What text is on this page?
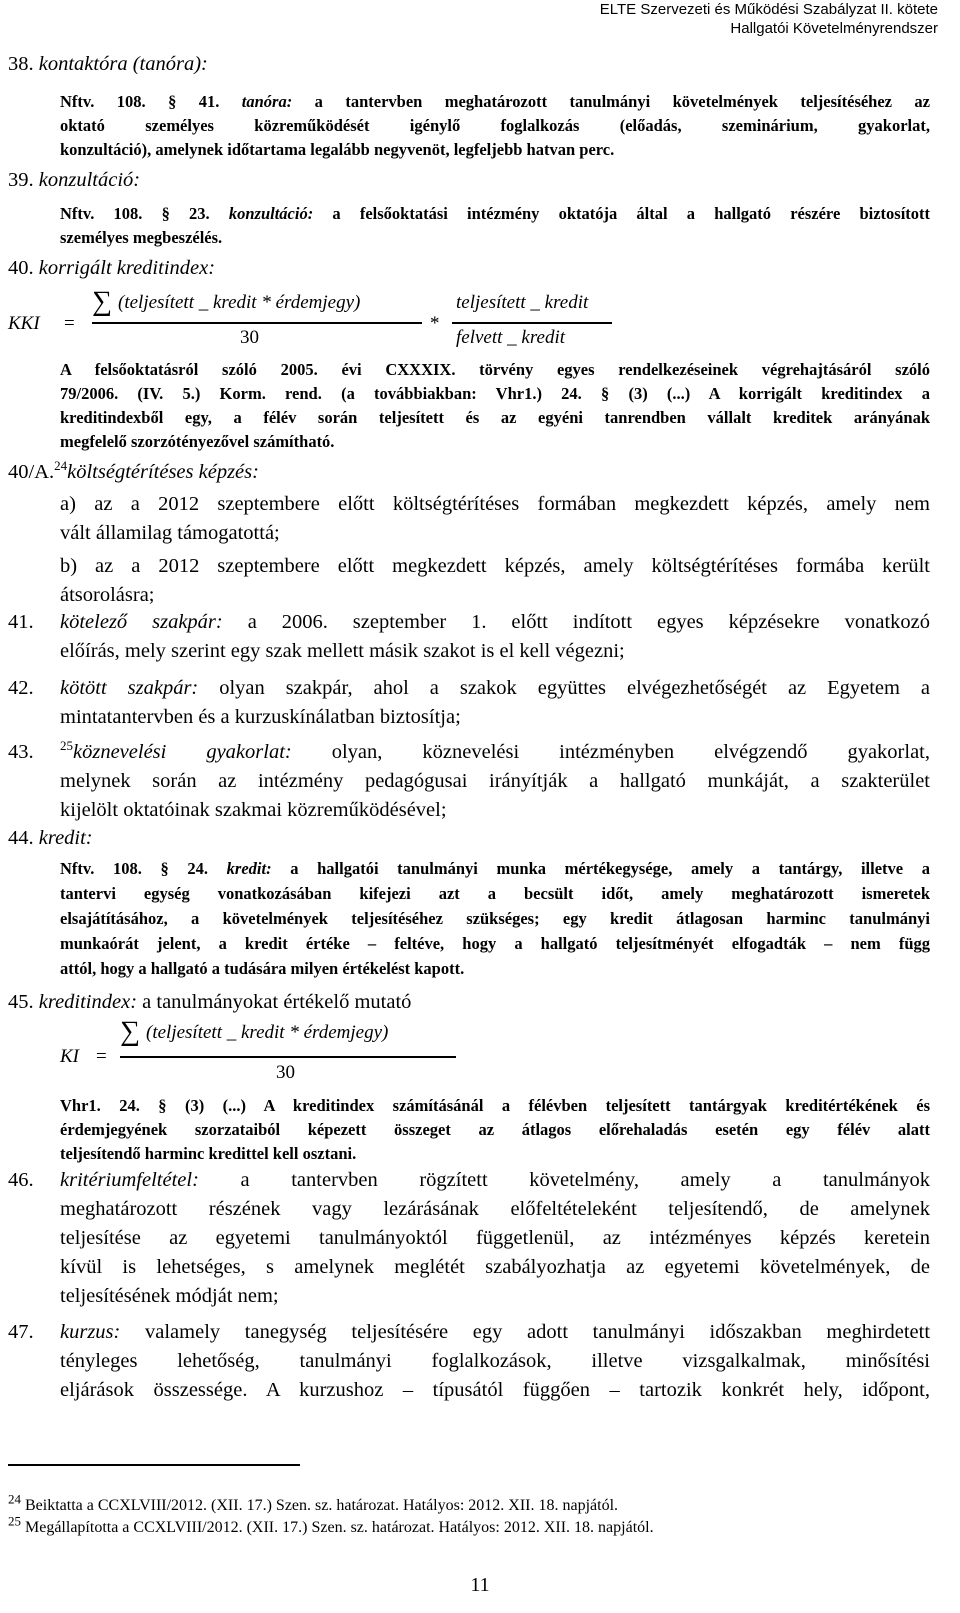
ELTE Szervezeti és Működési Szabályzat II. kötete
Hallgatói Követelményrendszer
38. kontaktóra (tanóra):
Nftv. 108. § 41. tanóra: a tantervben meghatározott tanulmányi követelmények teljesítéséhez az
oktató személyes közreműködését igénylő foglalkozás (előadás, szeminárium, gyakorlat,
konzultáció), amelynek időtartama legalább negyvenöt, legfeljebb hatvan perc.
39. konzultáció:
Nftv. 108. § 23. konzultáció: a felsőoktatási intézmény oktatója által a hallgató részére biztosított
személyes megbeszélés.
40. korrigált kreditindex:
KKI =
∑ (teljesített _ kredit * érdemjegy)
30
*
teljesített _ kredit
felvett _ kredit
A felsőoktatásról szóló 2005. évi CXXXIX. törvény egyes rendelkezéseinek végrehajtásáról szóló
79/2006. (IV. 5.) Korm. rend. (a továbbiakban: Vhr1.) 24. § (3) (...) A korrigált kreditindex a
kreditindexből egy, a félév során teljesített és az egyéni tanrendben vállalt kreditek arányának
megfelelő szorzótényezővel számítható.
40/A.$^{24}$költségtérítéses képzés:
a) az a 2012 szeptembere előtt költségtérítéses formában megkezdett képzés, amely nem
vált államilag támogatottá;
b) az a 2012 szeptembere előtt megkezdett képzés, amely költségtérítéses formába került
átsorolásra;
41. kötelező szakpár: a 2006. szeptember 1. előtt indított egyes képzésekre vonatkozó
előírás, mely szerint egy szak mellett másik szakot is el kell végezni;
42. kötött szakpár: olyan szakpár, ahol a szakok együttes elvégezhetőségét az Egyetem a
mintatantervben és a kurzuskínálatban biztosítja;
43. $^{25}$köznevelési gyakorlat: olyan, köznevelési intézményben elvégzendő gyakorlat,
melynek során az intézmény pedagógusai irányítják a hallgató munkáját, a szakterület
kijelölt oktatóinak szakmai közreműködésével;
44. kredit:
Nftv. 108. § 24. kredit: a hallgatói tanulmányi munka mértékegysége, amely a tantárgy, illetve a
tantervi egység vonatkozásában kifejezi azt a becsült időt, amely meghatározott ismeretek
elsajátításához, a követelmények teljesítéséhez szükséges; egy kredit átlagosan harminc tanulmányi
munkaórát jelent, a kredit értéke – feltéve, hogy a hallgató teljesítményét elfogadták – nem függ
attól, hogy a hallgató a tudására milyen értékelést kapott.
45. kreditindex: a tanulmányokat értékelő mutató
KI =
∑ (teljesített _ kredit * érdemjegy)
30
Vhr1. 24. § (3) (...) A kreditindex számításánál a félévben teljesített tantárgyak kreditértékének és
érdemjegyének szorzataiból képezett összeget az átlagos előrehaladás esetén egy félév alatt
teljesítendő harminc kredittel kell osztani.
46. kritériumfeltétel: a tantervben rögzített követelmény, amely a tanulmányok
meghatározott részének vagy lezárásának előfeltételeként teljesítendő, de amelynek
teljesítése az egyetemi tanulmányoktól függetlenül, az intézményes képzés keretein
kívül is lehetséges, s amelynek meglétét szabályozhatja az egyetemi követelmények, de
teljesítésének módját nem;
47. kurzus: valamely tanegység teljesítésére egy adott tanulmányi időszakban meghirdetett
tényleges lehetőség, tanulmányi foglalkozások, illetve vizsgalkalmak, minősítési
eljárások összessége. A kurzushoz – típusától függően – tartozik konkrét hely, időpont,
$^{24}$ Beiktatta a CCXLVIII/2012. (XII. 17.) Szen. sz. határozat. Hatályos: 2012. XII. 18. napjától.
$^{25}$ Megállapította a CCXLVIII/2012. (XII. 17.) Szen. sz. határozat. Hatályos: 2012. XII. 18. napjától.
11
